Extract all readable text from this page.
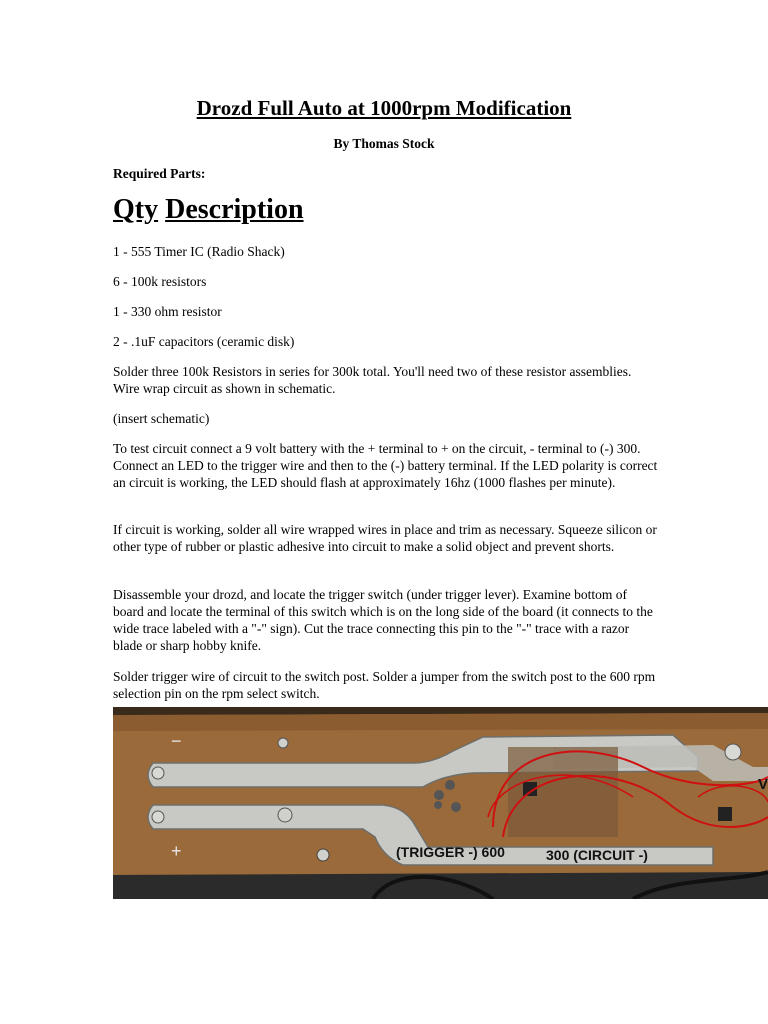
Drozd Full Auto at 1000rpm Modification

By Thomas Stock

Required Parts:

Qty Description

1 - 555 Timer IC (Radio Shack)

6 - 100k resistors

1 - 330 ohm resistor

2 - .1uF capacitors (ceramic disk)

Solder three 100k Resistors in series for 300k total. You'll need two of these resistor assemblies. Wire wrap circuit as shown in schematic.

(insert schematic)

To test circuit connect a 9 volt battery with the + terminal to + on the circuit, - terminal to (-) 300. Connect an LED to the trigger wire and then to the (-) battery terminal. If the LED polarity is correct an circuit is working, the LED should flash at approximately 16hz (1000 flashes per minute).

If circuit is working, solder all wire wrapped wires in place and trim as necessary. Squeeze silicon or other type of rubber or plastic adhesive into circuit to make a solid object and prevent shorts.

Disassemble your drozd, and locate the trigger switch (under trigger lever). Examine bottom of board and locate the terminal of this switch which is on the long side of the board (it connects to the wide trace labeled with a "-" sign). Cut the trace connecting this pin to the "-" trace with a razor blade or sharp hobby knife.

Solder trigger wire of circuit to the switch post. Solder a jumper from the switch post to the 600 rpm selection pin on the rpm select switch.

−
+	(TRIGGER -) 600	300 (CIRCUIT -)
V
